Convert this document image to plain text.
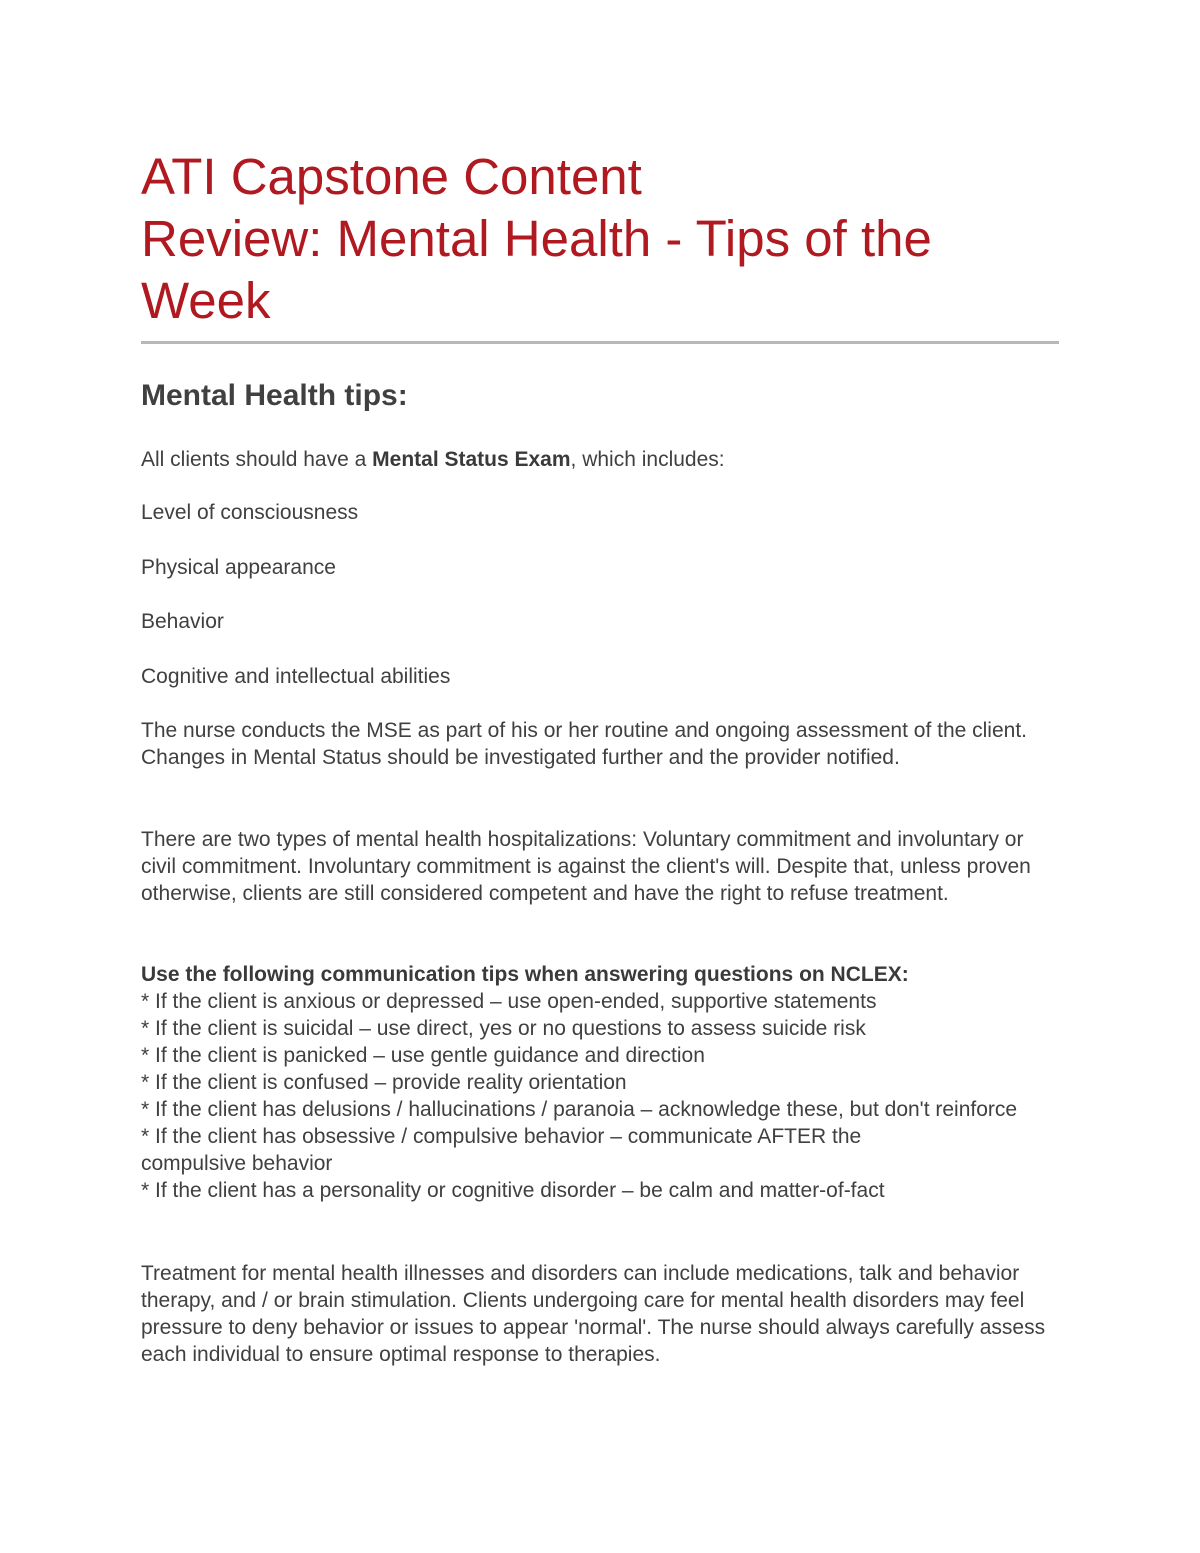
ATI Capstone Content
Review: Mental Health - Tips of the
Week
Mental Health tips:

All clients should have a Mental Status Exam, which includes:

Level of consciousness

Physical appearance

Behavior

Cognitive and intellectual abilities

The nurse conducts the MSE as part of his or her routine and ongoing assessment of the client. Changes in Mental Status should be investigated further and the provider notified.

There are two types of mental health hospitalizations: Voluntary commitment and involuntary or civil commitment. Involuntary commitment is against the client's will. Despite that, unless proven otherwise, clients are still considered competent and have the right to refuse treatment.

Use the following communication tips when answering questions on NCLEX:
* If the client is anxious or depressed – use open-ended, supportive statements
* If the client is suicidal – use direct, yes or no questions to assess suicide risk
* If the client is panicked – use gentle guidance and direction
* If the client is confused – provide reality orientation
* If the client has delusions / hallucinations / paranoia – acknowledge these, but don't reinforce
* If the client has obsessive / compulsive behavior – communicate AFTER the compulsive behavior
* If the client has a personality or cognitive disorder – be calm and matter-of-fact

Treatment for mental health illnesses and disorders can include medications, talk and behavior therapy, and / or brain stimulation. Clients undergoing care for mental health disorders may feel pressure to deny behavior or issues to appear 'normal'. The nurse should always carefully assess each individual to ensure optimal response to therapies.
